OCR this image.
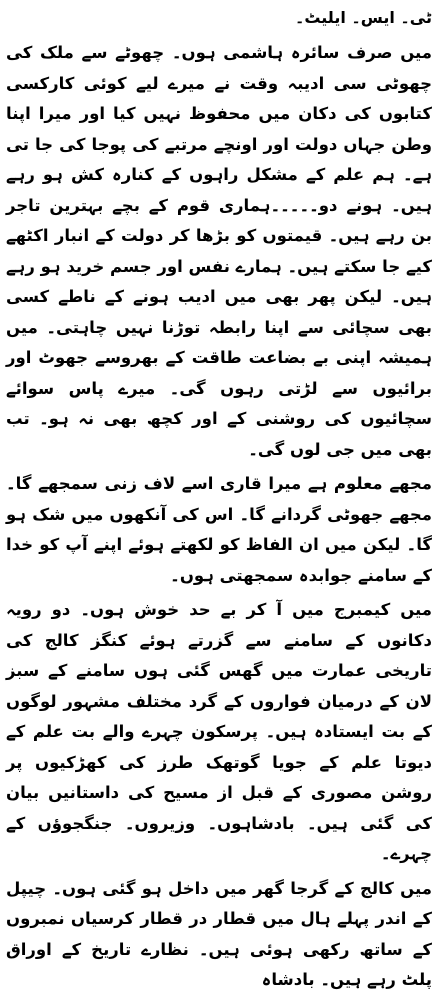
ٹی۔ ایس۔ ایلیٹ۔

میں صرف سائرہ ہاشمی ہوں۔ چھوٹے سے ملک کی چھوٹی سی ادیبہ وقت نے میرے لیے کوئی کارکسی کتابوں کی دکان میں محفوظ نہیں کیا اور میرا اپنا وطن جہاں دولت اور اونچے مرتبے کی پوجا کی جا تی ہے۔ ہم علم کے مشکل راہوں کے کنارہ کش ہو رہے ہیں۔ ہونے دو۔۔۔۔۔ہماری قوم کے بچے بہترین تاجر بن رہے ہیں۔ قیمتوں کو بڑھا کر دولت کے انبار اکٹھے کیے جا سکتے ہیں۔ ہمارے نفس اور جسم خرید ہو رہے ہیں۔ لیکن پھر بھی میں ادیب ہونے کے ناطے کسی بھی سچائی سے اپنا رابطہ توڑنا نہیں چاہتی۔ میں ہمیشہ اپنی بے بضاعت طاقت کے بھروسے جھوٹ اور برائیوں سے لڑتی رہوں گی۔ میرے پاس سوائے سچائیوں کی روشنی کے اور کچھ بھی نہ ہو۔ تب بھی میں جی لوں گی۔

مجھے معلوم ہے میرا قاری اسے لاف زنی سمجھے گا۔ مجھے جھوٹی گردانے گا۔ اس کی آنکھوں میں شک ہو گا۔ لیکن میں ان الفاظ کو لکھتے ہوئے اپنے آپ کو خدا کے سامنے جوابدہ سمجھتی ہوں۔

میں کیمبرج میں آ کر بے حد خوش ہوں۔ دو رویہ دکانوں کے سامنے سے گزرتے ہوئے کنگز کالج کی تاریخی عمارت میں گھس گئی ہوں سامنے کے سبز لان کے درمیان فواروں کے گرد مختلف مشہور لوگوں کے بت ایستادہ ہیں۔ پرسکون چہرے والے بت علم کے دیوتا علم کے جویا گوتھک طرز کی کھڑکیوں پر روشن مصوری کے قبل از مسیح کی داستانیں بیان کی گئی ہیں۔ بادشاہوں۔ وزیروں۔ جنگجوؤں کے چہرے۔

میں کالج کے گرجا گھر میں داخل ہو گئی ہوں۔ چیپل کے اندر پہلے ہال میں قطار در قطار کرسیاں نمبروں کے ساتھ رکھی ہوئی ہیں۔ نظارے تاریخ کے اوراق پلٹ رہے ہیں۔ بادشاہ
